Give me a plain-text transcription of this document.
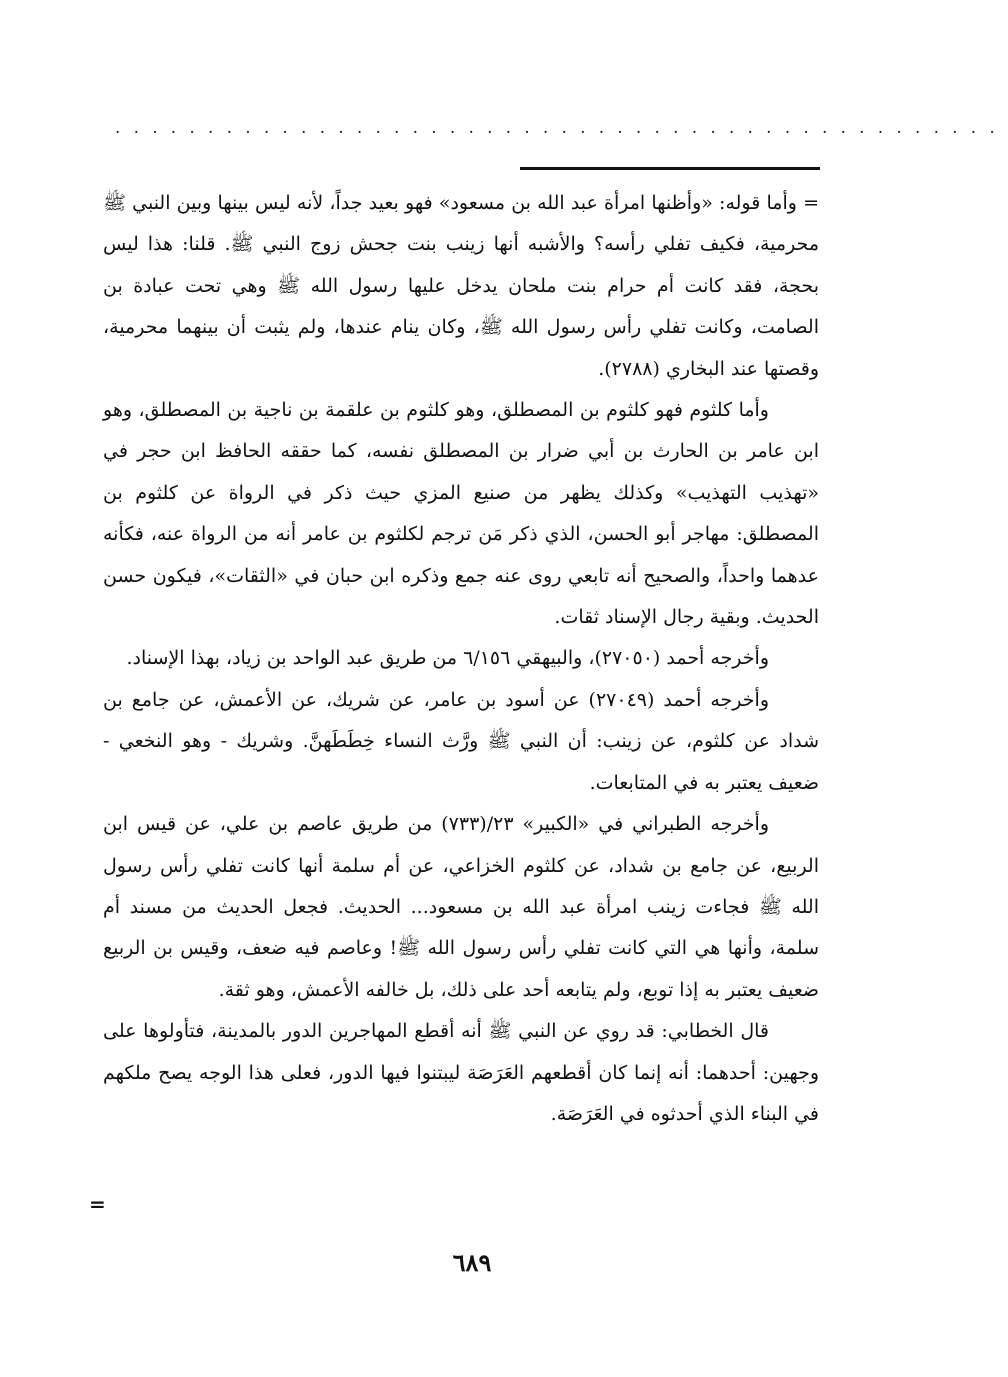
................................................

= وأما قوله: «وأظنها امرأة عبد الله بن مسعود» فهو بعيد جداً، لأنه ليس بينها وبين النبي ﷺ محرمية، فكيف تفلي رأسه؟ والأشبه أنها زينب بنت جحش زوج النبي ﷺ. قلنا: هذا ليس بحجة، فقد كانت أم حرام بنت ملحان يدخل عليها رسول الله ﷺ وهي تحت عبادة بن الصامت، وكانت تفلي رأس رسول الله ﷺ، وكان ينام عندها، ولم يثبت أن بينهما محرمية، وقصتها عند البخاري (٢٧٨٨).

وأما كلثوم فهو كلثوم بن المصطلق، وهو كلثوم بن علقمة بن ناجية بن المصطلق، وهو ابن عامر بن الحارث بن أبي ضرار بن المصطلق نفسه، كما حققه الحافظ ابن حجر في «تهذيب التهذيب» وكذلك يظهر من صنيع المزي حيث ذكر في الرواة عن كلثوم بن المصطلق: مهاجر أبو الحسن، الذي ذكر مَن ترجم لكلثوم بن عامر أنه من الرواة عنه، فكأنه عدهما واحداً، والصحيح أنه تابعي روى عنه جمع وذكره ابن حبان في «الثقات»، فيكون حسن الحديث. وبقية رجال الإسناد ثقات.

وأخرجه أحمد (٢٧٠٥٠)، والبيهقي ٦/١٥٦ من طريق عبد الواحد بن زياد، بهذا الإسناد.

وأخرجه أحمد (٢٧٠٤٩) عن أسود بن عامر، عن شريك، عن الأعمش، عن جامع بن شداد عن كلثوم، عن زينب: أن النبي ﷺ ورَّث النساء خِطَطَهنَّ. وشريك - وهو النخعي - ضعيف يعتبر به في المتابعات.

وأخرجه الطبراني في «الكبير» ٢٣/(٧٣٣) من طريق عاصم بن علي، عن قيس ابن الربيع، عن جامع بن شداد، عن كلثوم الخزاعي، عن أم سلمة أنها كانت تفلي رأس رسول الله ﷺ فجاءت زينب امرأة عبد الله بن مسعود... الحديث. فجعل الحديث من مسند أم سلمة، وأنها هي التي كانت تفلي رأس رسول الله ﷺ! وعاصم فيه ضعف، وقيس بن الربيع ضعيف يعتبر به إذا توبع، ولم يتابعه أحد على ذلك، بل خالفه الأعمش، وهو ثقة.

قال الخطابي: قد روي عن النبي ﷺ أنه أقطع المهاجرين الدور بالمدينة، فتأولوها على وجهين: أحدهما: أنه إنما كان أقطعهم العَرَصَة ليبتنوا فيها الدور، فعلى هذا الوجه يصح ملكهم في البناء الذي أحدثوه في العَرَصَة.

=
٦٨٩
